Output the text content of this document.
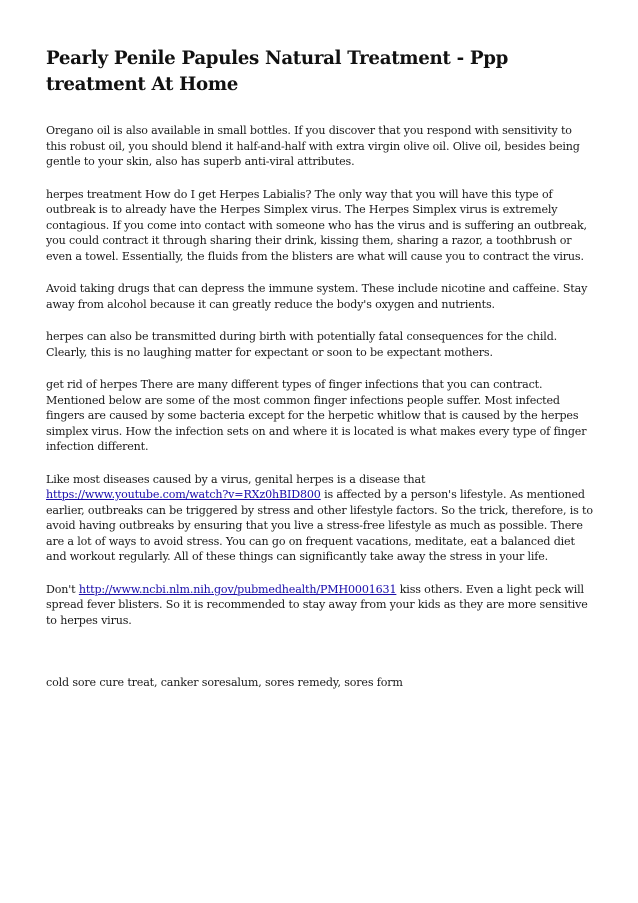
Pearly Penile Papules Natural Treatment - Ppp treatment At Home

Oregano oil is also available in small bottles. If you discover that you respond with sensitivity to this robust oil, you should blend it half-and-half with extra virgin olive oil. Olive oil, besides being gentle to your skin, also has superb anti-viral attributes.

herpes treatment How do I get Herpes Labialis? The only way that you will have this type of outbreak is to already have the Herpes Simplex virus. The Herpes Simplex virus is extremely contagious. If you come into contact with someone who has the virus and is suffering an outbreak, you could contract it through sharing their drink, kissing them, sharing a razor, a toothbrush or even a towel. Essentially, the fluids from the blisters are what will cause you to contract the virus.

Avoid taking drugs that can depress the immune system. These include nicotine and caffeine. Stay away from alcohol because it can greatly reduce the body's oxygen and nutrients.

herpes can also be transmitted during birth with potentially fatal consequences for the child. Clearly, this is no laughing matter for expectant or soon to be expectant mothers.

get rid of herpes There are many different types of finger infections that you can contract. Mentioned below are some of the most common finger infections people suffer. Most infected fingers are caused by some bacteria except for the herpetic whitlow that is caused by the herpes simplex virus. How the infection sets on and where it is located is what makes every type of finger infection different.

Like most diseases caused by a virus, genital herpes is a disease that https://www.youtube.com/watch?v=RXz0hBID800 is affected by a person's lifestyle. As mentioned earlier, outbreaks can be triggered by stress and other lifestyle factors. So the trick, therefore, is to avoid having outbreaks by ensuring that you live a stress-free lifestyle as much as possible. There are a lot of ways to avoid stress. You can go on frequent vacations, meditate, eat a balanced diet and workout regularly. All of these things can significantly take away the stress in your life.

Don't http://www.ncbi.nlm.nih.gov/pubmedhealth/PMH0001631 kiss others. Even a light peck will spread fever blisters. So it is recommended to stay away from your kids as they are more sensitive to herpes virus.

cold sore cure treat, canker soresalum, sores remedy, sores form
